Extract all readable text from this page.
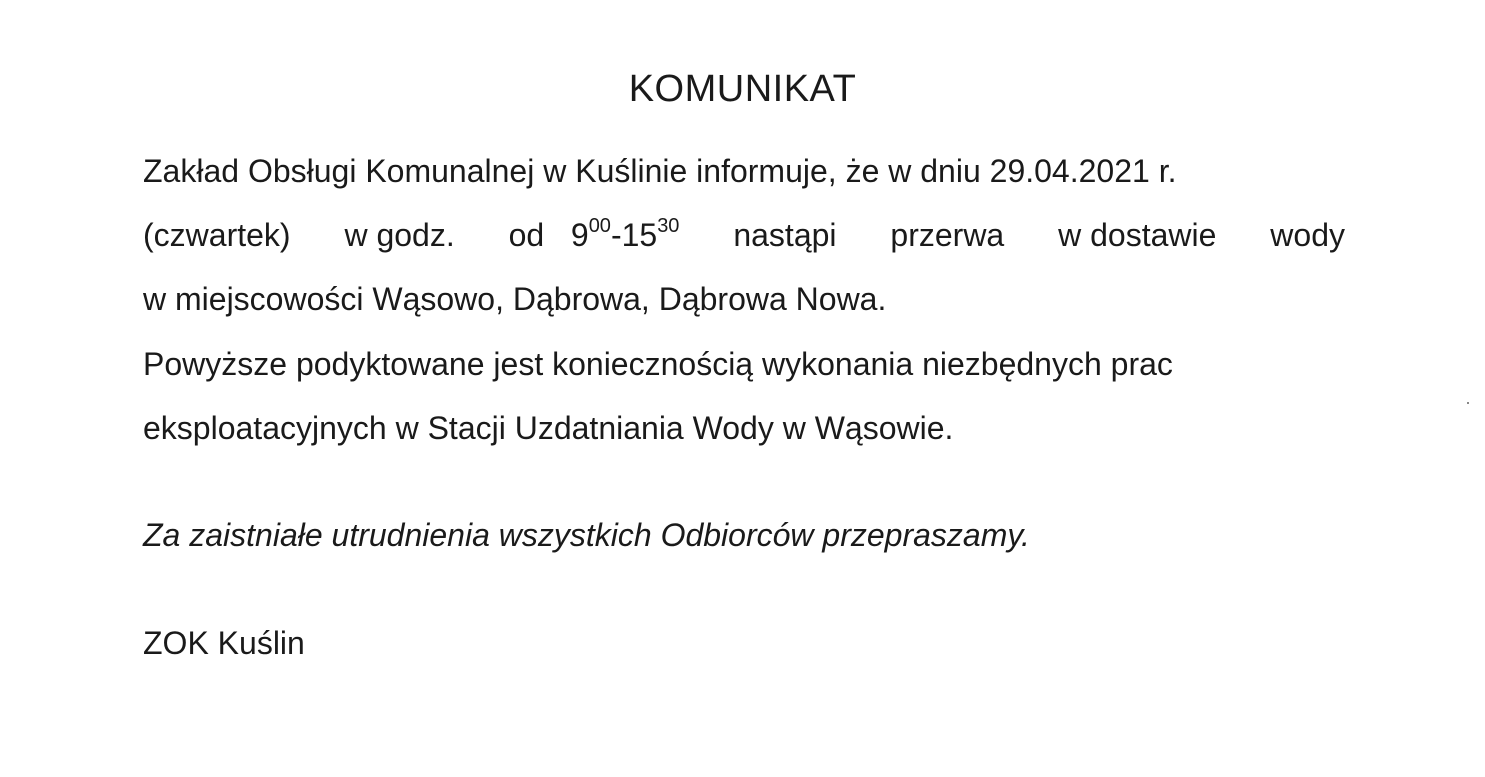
KOMUNIKAT
Zakład Obsługi Komunalnej w Kuślinie informuje, że w dniu 29.04.2021 r.
(czwartek) w godz. od $9^{00}-15^{30}$ nastąpi przerwa w dostawie wody
w miejscowości Wąsowo, Dąbrowa, Dąbrowa Nowa.
Powyższe podyktowane jest koniecznością wykonania niezbędnych prac
eksploatacyjnych w Stacji Uzdatniania Wody w Wąsowie.
Za zaistniałe utrudnienia wszystkich Odbiorców przepraszamy.
ZOK Kuślin
